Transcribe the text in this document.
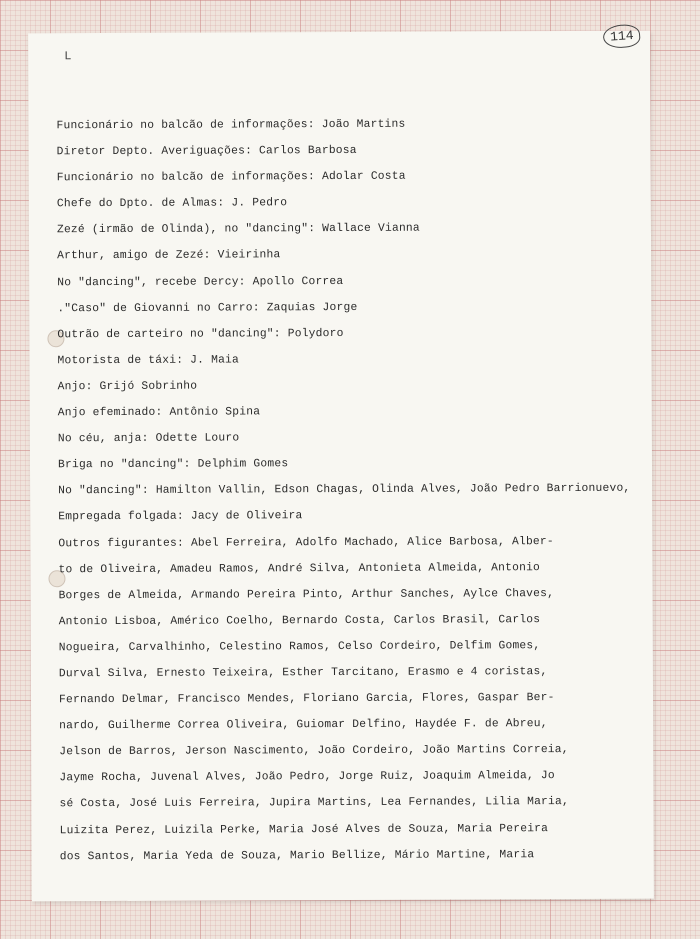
114
L
Funcionário no balcão de informações: João Martins
Diretor Depto. Averiguações: Carlos Barbosa
Funcionário no balcão de informações: Adolar Costa
Chefe do Dpto. de Almas: J. Pedro
Zezé (irmão de Olinda), no "dancing": Wallace Vianna
Arthur, amigo de Zezé: Vieirinha
No "dancing", recebe Dercy: Apollo Correa
."Caso" de Giovanni no Carro: Zaquias Jorge
Outrão de carteiro no "dancing": Polydoro
Motorista de táxi: J. Maia
Anjo: Grijó Sobrinho
Anjo efeminado: Antônio Spina
No céu, anja: Odette Louro
Briga no "dancing": Delphim Gomes
No "dancing": Hamilton Vallin, Edson Chagas, Olinda Alves, João Pedro Barrionuevo,
Empregada folgada: Jacy de Oliveira
Outros figurantes: Abel Ferreira, Adolfo Machado, Alice Barbosa, Alber-
to de Oliveira, Amadeu Ramos, André Silva, Antonieta Almeida, Antonio
Borges de Almeida, Armando Pereira Pinto, Arthur Sanches, Aylce Chaves,
Antonio Lisboa, Américo Coelho, Bernardo Costa, Carlos Brasil, Carlos
Nogueira, Carvalhinho, Celestino Ramos, Celso Cordeiro, Delfim Gomes,
Durval Silva, Ernesto Teixeira, Esther Tarcitano, Erasmo e 4 coristas,
Fernando Delmar, Francisco Mendes, Floriano Garcia, Flores, Gaspar Ber-
nardo, Guilherme Correa Oliveira, Guiomar Delfino, Haydée F. de Abreu,
Jelson de Barros, Jerson Nascimento, João Cordeiro, João Martins Correia,
Jayme Rocha, Juvenal Alves, João Pedro, Jorge Ruiz, Joaquim Almeida, Jo
sé Costa, José Luis Ferreira, Jupira Martins, Lea Fernandes, Lilia Maria,
Luizita Perez, Luizila Perke, Maria José Alves de Souza, Maria Pereira
dos Santos, Maria Yeda de Souza, Mario Bellize, Mário Martine, Maria
